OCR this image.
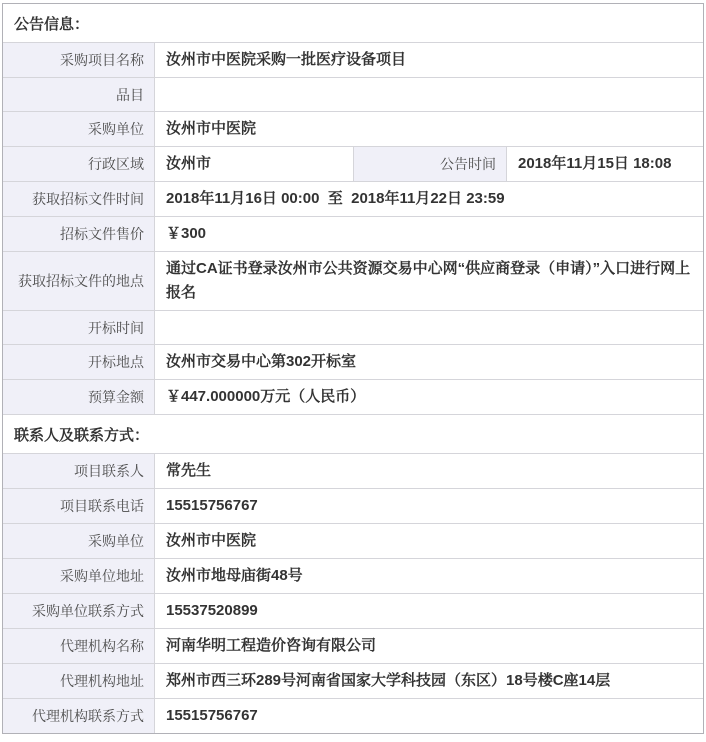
公告信息：
采购项目名称 汝州市中医院采购一批医疗设备项目
品目
采购单位 汝州市中医院
行政区域 汝州市	公告时间 2018年11月15日 18:08
获取招标文件时间 2018年11月16日 00:00  至  2018年11月22日 23:59
招标文件售价 ￥300
获取招标文件的地点
通过CA证书登录汝州市公共资源交易中心网“供应商登录（申请）”入口进行网上报名
开标时间
开标地点 汝州市交易中心第302开标室
预算金额 ￥447.000000万元（人民币）
联系人及联系方式：
项目联系人 常先生
项目联系电话 15515756767
采购单位 汝州市中医院
采购单位地址 汝州市地母庙街48号
采购单位联系方式 15537520899
代理机构名称 河南华明工程造价咨询有限公司
代理机构地址 郑州市西三环289号河南省国家大学科技园（东区）18号楼C座14层
代理机构联系方式 15515756767
